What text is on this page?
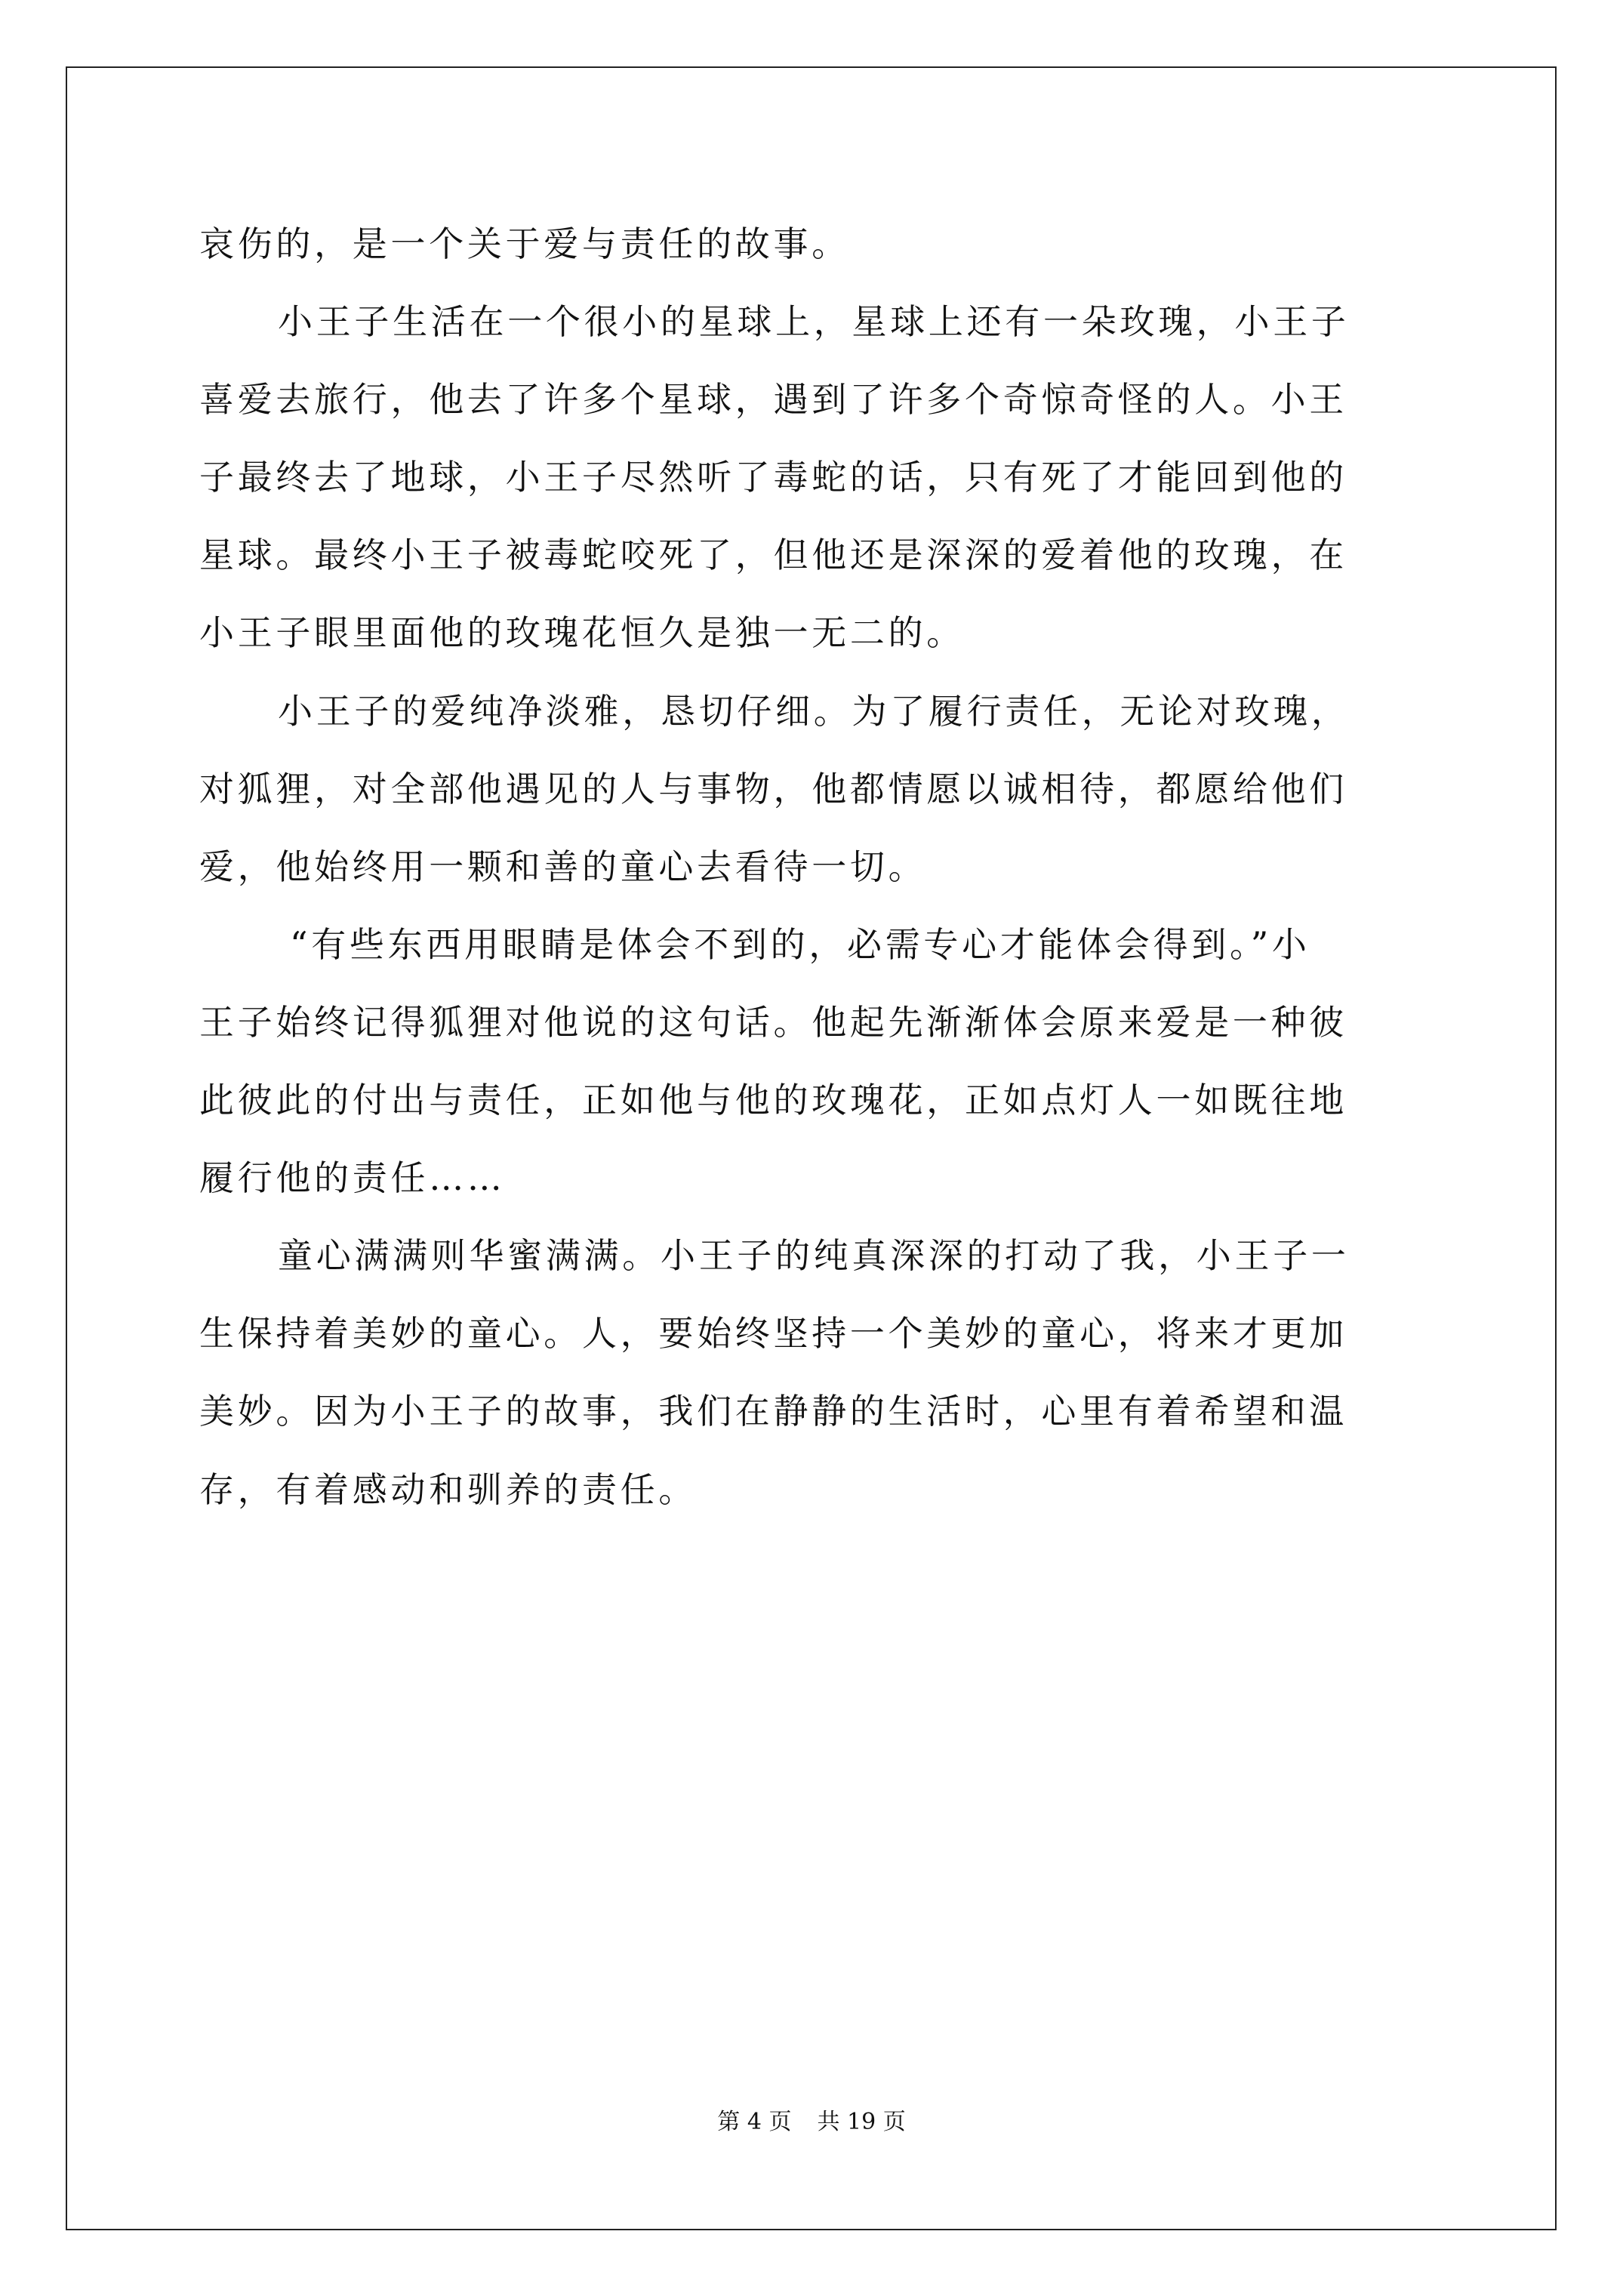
哀伤的，是一个关于爱与责任的故事。
小王子生活在一个很小的星球上，星球上还有一朵玫瑰，小王子
喜爱去旅行，他去了许多个星球，遇到了许多个奇惊奇怪的人。小王
子最终去了地球，小王子尽然听了毒蛇的话，只有死了才能回到他的
星球。最终小王子被毒蛇咬死了，但他还是深深的爱着他的玫瑰，在
小王子眼里面他的玫瑰花恒久是独一无二的。
小王子的爱纯净淡雅，恳切仔细。为了履行责任，无论对玫瑰，
对狐狸，对全部他遇见的人与事物，他都情愿以诚相待，都愿给他们
爱，他始终用一颗和善的童心去看待一切。
“有些东西用眼睛是体会不到的，必需专心才能体会得到。”小
王子始终记得狐狸对他说的这句话。他起先渐渐体会原来爱是一种彼
此彼此的付出与责任，正如他与他的玫瑰花，正如点灯人一如既往地
履行他的责任……
童心满满则华蜜满满。小王子的纯真深深的打动了我，小王子一
生保持着美妙的童心。人，要始终坚持一个美妙的童心，将来才更加
美妙。因为小王子的故事，我们在静静的生活时，心里有着希望和温
存，有着感动和驯养的责任。
第 4 页 共 19 页
